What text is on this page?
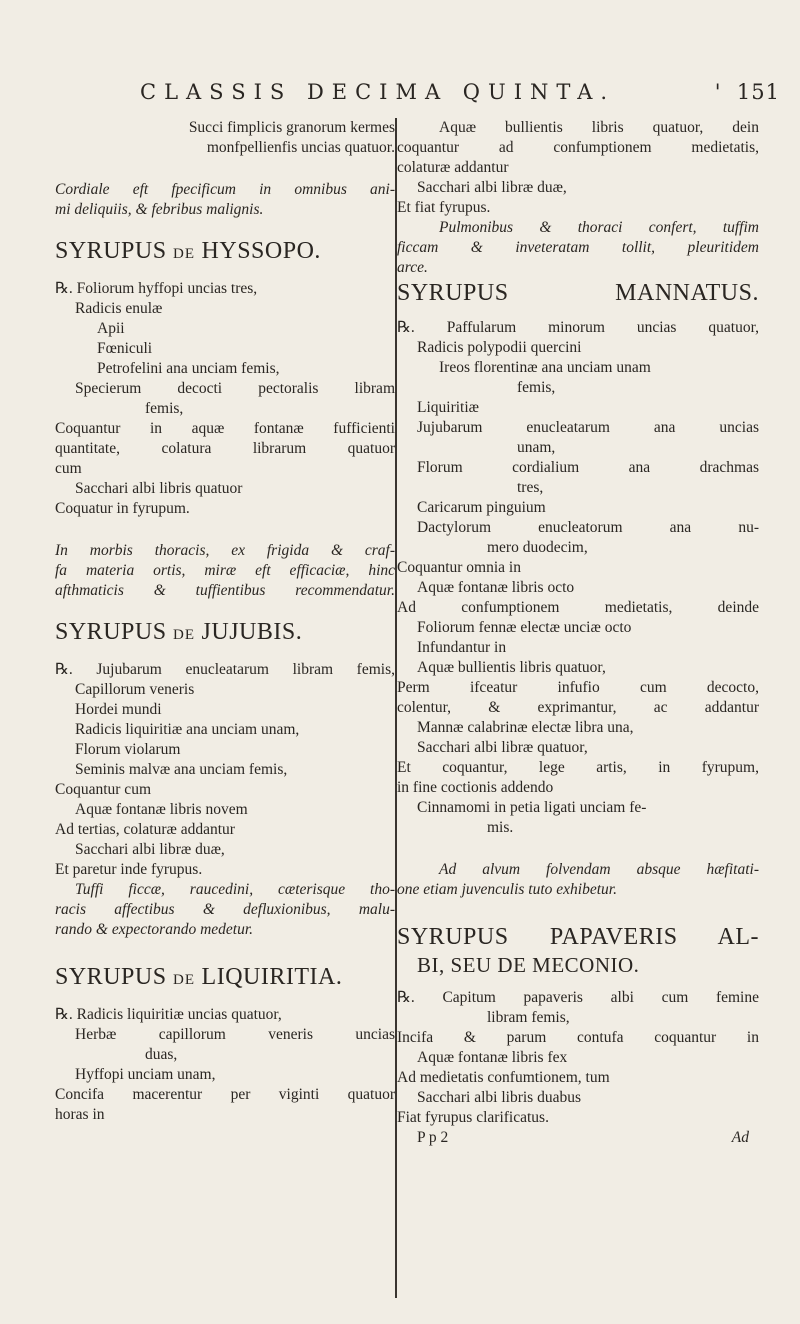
CLASSIS DECIMA QUINTA.	' 151
Succi fimplicis granorum kermes
monfpellienfis uncias quatuor.
Cordiale eft fpecificum in omnibus ani-
mi deliquiis, & febribus malignis.
SYRUPUS DE HYSSOPO.
℞. Foliorum hyffopi uncias tres,
Radicis enulæ
Apii
Fœniculi
Petrofelini ana unciam femis,
Specierum decocti pectoralis libram
femis,
Coquantur in aquæ fontanæ fufficienti
quantitate, colatura librarum quatuor
cum
Sacchari albi libris quatuor
Coquatur in fyrupum.
In morbis thoracis, ex frigida & craf-
fa materia ortis, miræ eft efficaciæ, hinc
afthmaticis & tuffientibus recommendatur.
SYRUPUS DE JUJUBIS.
℞. Jujubarum enucleatarum libram femis,
Capillorum veneris
Hordei mundi
Radicis liquiritiæ ana unciam unam,
Florum violarum
Seminis malvæ ana unciam femis,
Coquantur cum
Aquæ fontanæ libris novem
Ad tertias, colaturæ addantur
Sacchari albi libræ duæ,
Et paretur inde fyrupus.
Tuffi ficcæ, raucedini, cæterisque tho-
racis affectibus & defluxionibus, malu-
rando & expectorando medetur.
SYRUPUS DE LIQUIRITIA.
℞. Radicis liquiritiæ uncias quatuor,
Herbæ capillorum veneris uncias
duas,
Hyffopi unciam unam,
Concifa macerentur per viginti quatuor
horas in
Aquæ bullientis libris quatuor, dein
coquantur ad confumptionem medietatis,
colaturæ addantur
Sacchari albi libræ duæ,
Et fiat fyrupus.
Pulmonibus & thoraci confert, tuffim
ficcam & inveteratam tollit, pleuritidem
arce.
SYRUPUS MANNATUS.
℞. Paffularum minorum uncias quatuor,
Radicis polypodii quercini
Ireos florentinæ ana unciam unam
femis,
Liquiritiæ
Jujubarum enucleatarum ana uncias
unam,
Florum cordialium ana drachmas
tres,
Caricarum pinguium
Dactylorum enucleatorum ana nu-
mero duodecim,
Coquantur omnia in
Aquæ fontanæ libris octo
Ad confumptionem medietatis, deinde
Foliorum fennæ electæ unciæ octo
Infundantur in
Aquæ bullientis libris quatuor,
Perm ifceatur infufio cum decocto,
colentur, & exprimantur, ac addantur
Mannæ calabrinæ electæ libra una,
Sacchari albi libræ quatuor,
Et coquantur, lege artis, in fyrupum,
in fine coctionis addendo
Cinnamomi in petia ligati unciam fe-
mis.
Ad alvum folvendam absque hæfitati-
one etiam juvenculis tuto exhibetur.
SYRUPUS PAPAVERIS AL-
BI, SEU DE MECONIO.
℞. Capitum papaveris albi cum femine
libram femis,
Incifa & parum contufa coquantur in
Aquæ fontanæ libris fex
Ad medietatis confumtionem, tum
Sacchari albi libris duabus
Fiat fyrupus clarificatus.
P p 2	Ad
